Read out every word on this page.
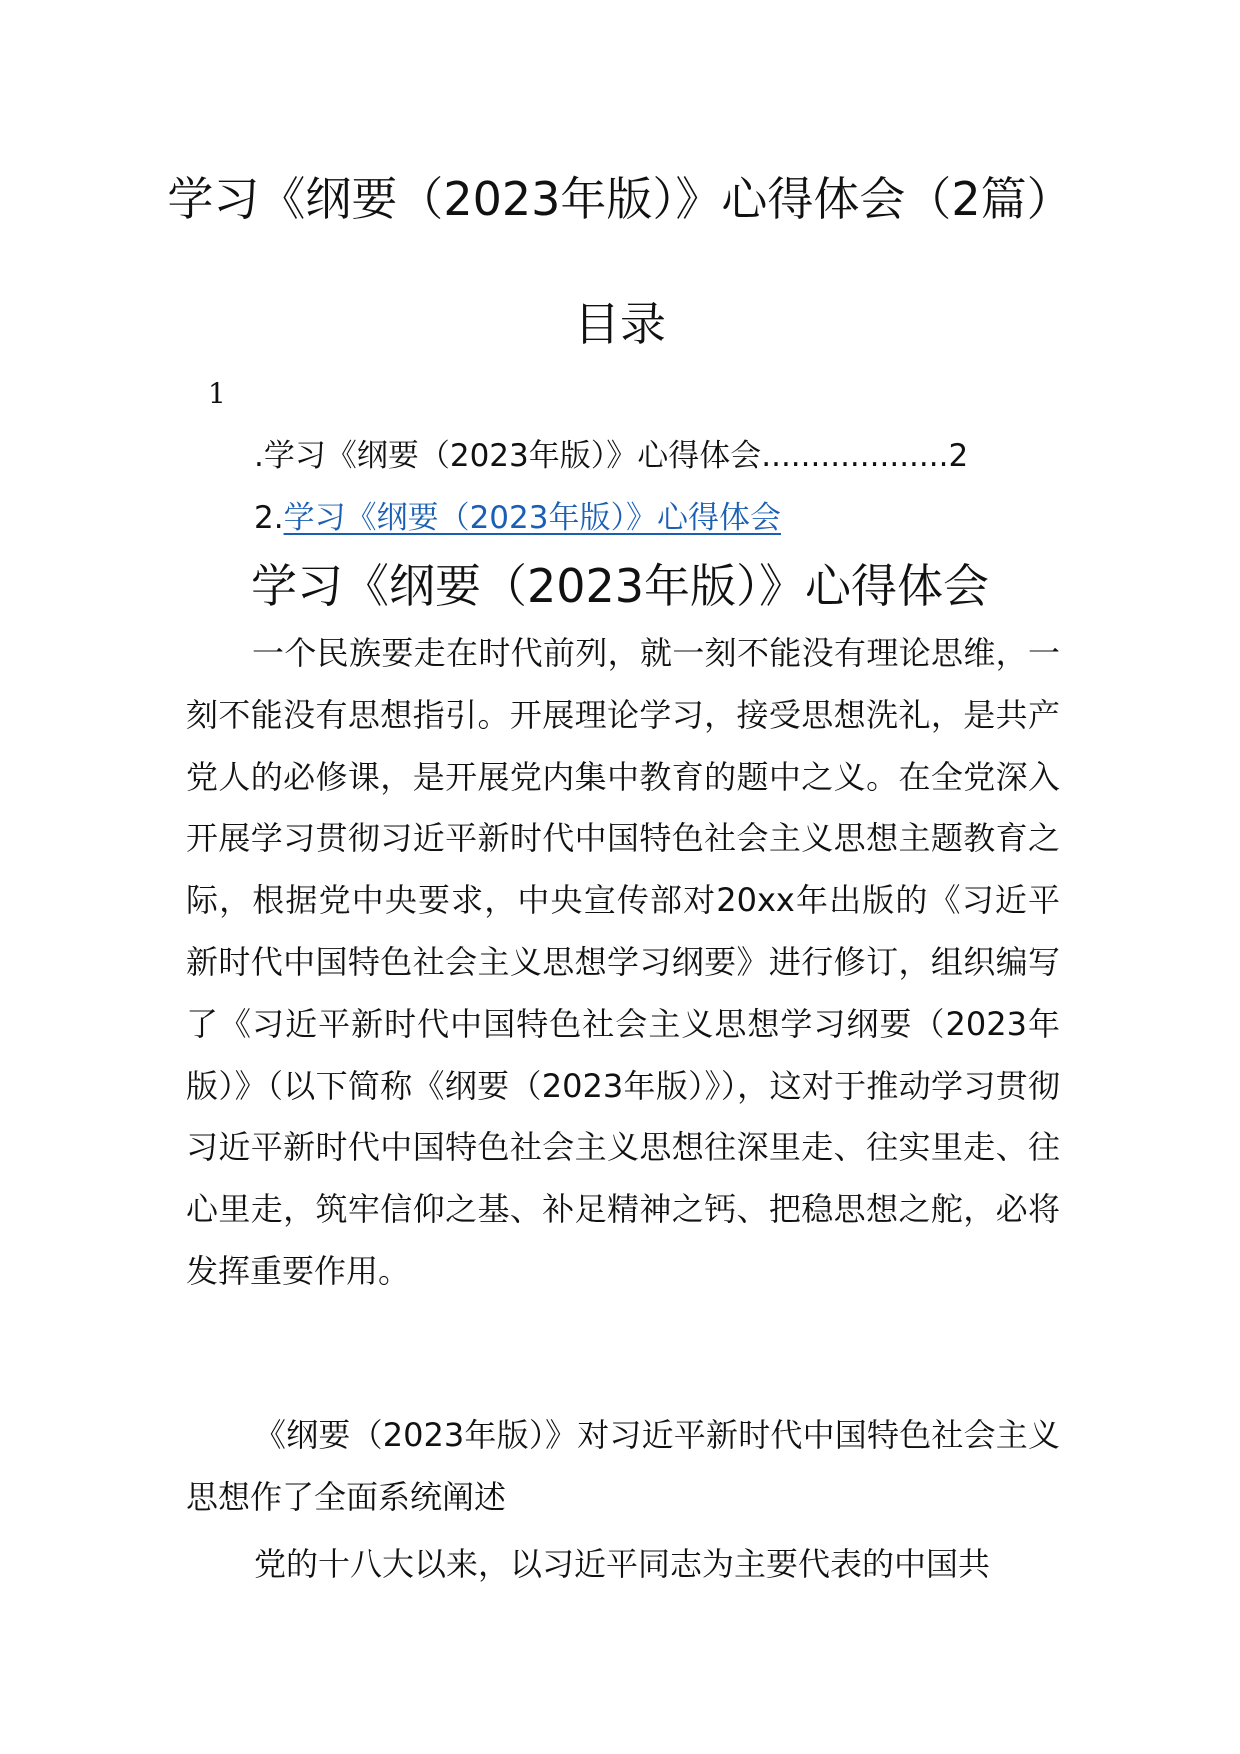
学习《纲要（2023年版）》心得体会（2篇）
目录
1
.学习《纲要（2023年版）》心得体会...................2
2.学习《纲要（2023年版）》心得体会
学习《纲要（2023年版）》心得体会

一个民族要走在时代前列，就一刻不能没有理论思维，一刻不能没有思想指引。开展理论学习，接受思想洗礼，是共产党人的必修课，是开展党内集中教育的题中之义。在全党深入开展学习贯彻习近平新时代中国特色社会主义思想主题教育之际，根据党中央要求，中央宣传部对20xx年出版的《习近平新时代中国特色社会主义思想学习纲要》进行修订，组织编写了《习近平新时代中国特色社会主义思想学习纲要（2023年版）》（以下简称《纲要（2023年版）》），这对于推动学习贯彻习近平新时代中国特色社会主义思想往深里走、往实里走、往心里走，筑牢信仰之基、补足精神之钙、把稳思想之舵，必将发挥重要作用。

《纲要（2023年版）》对习近平新时代中国特色社会主义思想作了全面系统阐述

党的十八大以来，以习近平同志为主要代表的中国共
